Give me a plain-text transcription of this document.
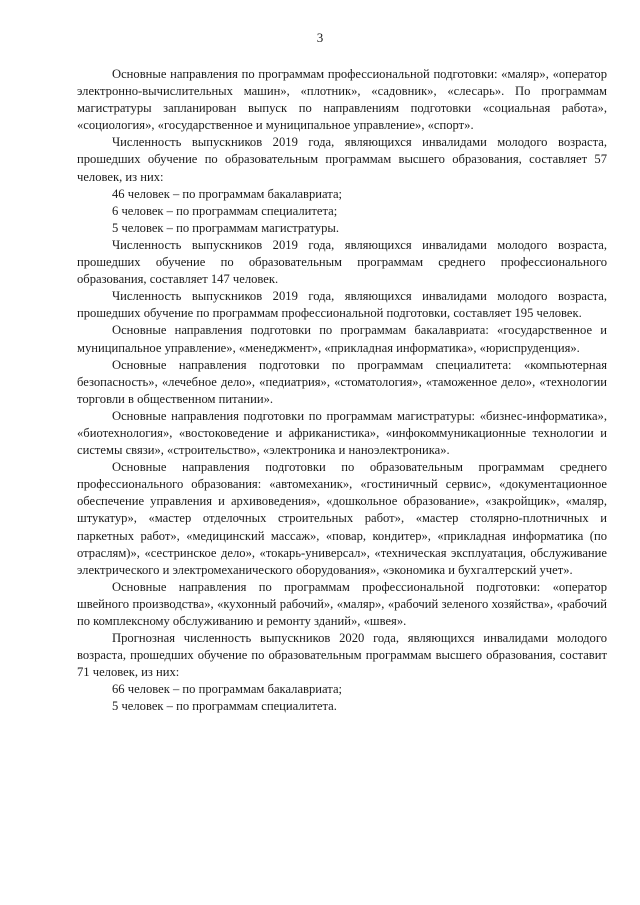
3

Основные направления по программам профессиональной подготовки: «маляр», «оператор электронно-вычислительных машин», «плотник», «садовник», «слесарь». По программам магистратуры запланирован выпуск по направлениям подготовки «социальная работа», «социология», «государственное и муниципальное управление», «спорт».

Численность выпускников 2019 года, являющихся инвалидами молодого возраста, прошедших обучение по образовательным программам высшего образования, составляет 57 человек, из них:

46 человек – по программам бакалавриата;

6 человек – по программам специалитета;

5 человек – по программам магистратуры.

Численность выпускников 2019 года, являющихся инвалидами молодого возраста, прошедших обучение по образовательным программам среднего профессионального образования, составляет 147 человек.

Численность выпускников 2019 года, являющихся инвалидами молодого возраста, прошедших обучение по программам профессиональной подготовки, составляет 195 человек.

Основные направления подготовки по программам бакалавриата: «государственное и муниципальное управление», «менеджмент», «прикладная информатика», «юриспруденция».

Основные направления подготовки по программам специалитета: «компьютерная безопасность», «лечебное дело», «педиатрия», «стоматология», «таможенное дело», «технологии торговли в общественном питании».

Основные направления подготовки по программам магистратуры: «бизнес-информатика», «биотехнология», «востоковедение и африканистика», «инфокоммуникационные технологии и системы связи», «строительство», «электроника и наноэлектроника».

Основные направления подготовки по образовательным программам среднего профессионального образования: «автомеханик», «гостиничный сервис», «документационное обеспечение управления и архивоведения», «дошкольное образование», «закройщик», «маляр, штукатур», «мастер отделочных строительных работ», «мастер столярно-плотничных и паркетных работ», «медицинский массаж», «повар, кондитер», «прикладная информатика (по отраслям)», «сестринское дело», «токарь-универсал», «техническая эксплуатация, обслуживание электрического и электромеханического оборудования», «экономика и бухгалтерский учет».

Основные направления по программам профессиональной подготовки: «оператор швейного производства», «кухонный рабочий», «маляр», «рабочий зеленого хозяйства», «рабочий по комплексному обслуживанию и ремонту зданий», «швея».

Прогнозная численность выпускников 2020 года, являющихся инвалидами молодого возраста, прошедших обучение по образовательным программам высшего образования, составит 71 человек, из них:

66 человек – по программам бакалавриата;

5 человек – по программам специалитета.
